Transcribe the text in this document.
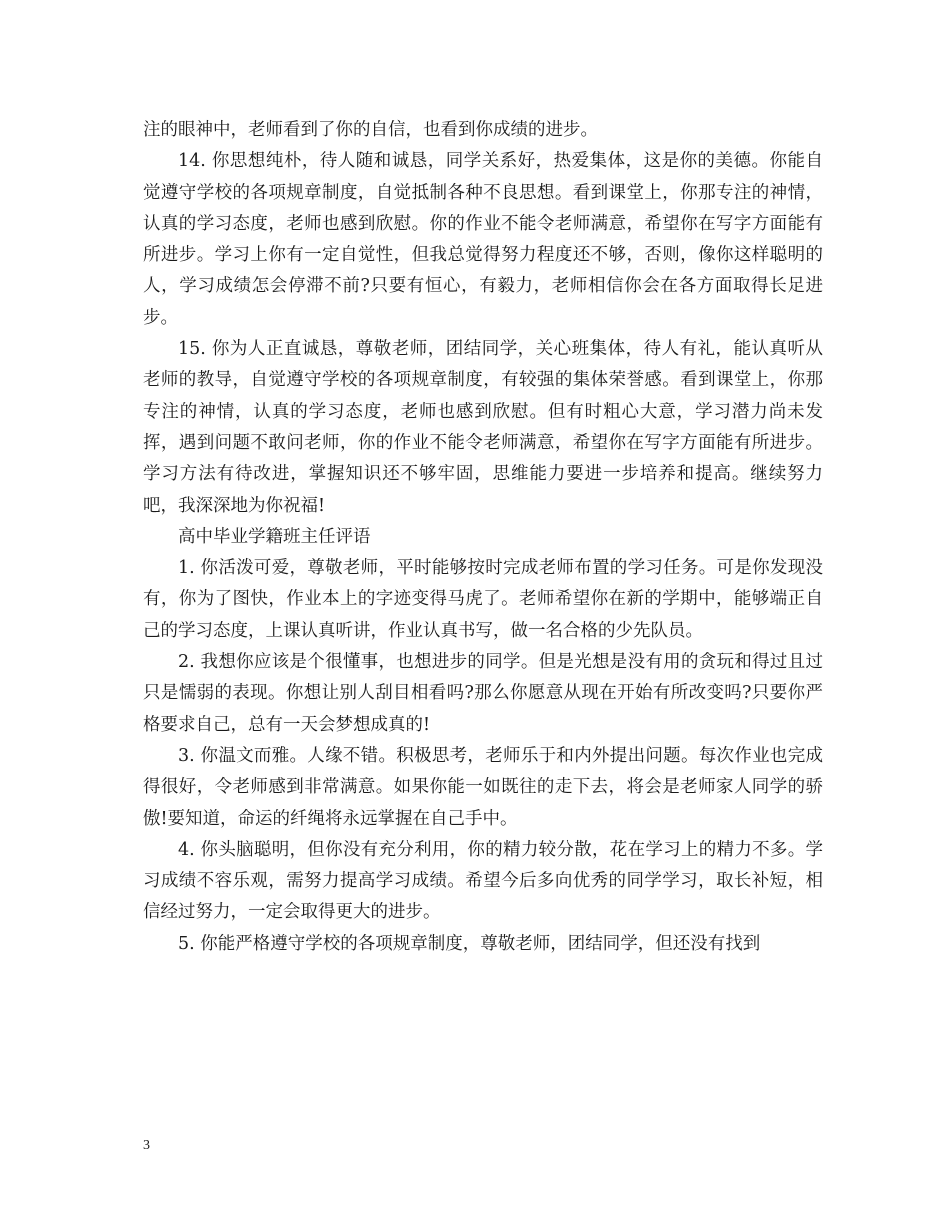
注的眼神中，老师看到了你的自信，也看到你成绩的进步。

14. 你思想纯朴，待人随和诚恳，同学关系好，热爱集体，这是你的美德。你能自觉遵守学校的各项规章制度，自觉抵制各种不良思想。看到课堂上，你那专注的神情，认真的学习态度，老师也感到欣慰。你的作业不能令老师满意，希望你在写字方面能有所进步。学习上你有一定自觉性，但我总觉得努力程度还不够，否则，像你这样聪明的人，学习成绩怎会停滞不前?只要有恒心，有毅力，老师相信你会在各方面取得长足进步。

15. 你为人正直诚恳，尊敬老师，团结同学，关心班集体，待人有礼，能认真听从老师的教导，自觉遵守学校的各项规章制度，有较强的集体荣誉感。看到课堂上，你那专注的神情，认真的学习态度，老师也感到欣慰。但有时粗心大意，学习潜力尚未发挥，遇到问题不敢问老师，你的作业不能令老师满意，希望你在写字方面能有所进步。学习方法有待改进，掌握知识还不够牢固，思维能力要进一步培养和提高。继续努力吧，我深深地为你祝福!

高中毕业学籍班主任评语

1. 你活泼可爱，尊敬老师，平时能够按时完成老师布置的学习任务。可是你发现没有，你为了图快，作业本上的字迹变得马虎了。老师希望你在新的学期中，能够端正自己的学习态度，上课认真听讲，作业认真书写，做一名合格的少先队员。

2. 我想你应该是个很懂事，也想进步的同学。但是光想是没有用的贪玩和得过且过只是懦弱的表现。你想让别人刮目相看吗?那么你愿意从现在开始有所改变吗?只要你严格要求自己，总有一天会梦想成真的!

3. 你温文而雅。人缘不错。积极思考，老师乐于和内外提出问题。每次作业也完成得很好，令老师感到非常满意。如果你能一如既往的走下去，将会是老师家人同学的骄傲!要知道，命运的纤绳将永远掌握在自己手中。

4. 你头脑聪明，但你没有充分利用，你的精力较分散，花在学习上的精力不多。学习成绩不容乐观，需努力提高学习成绩。希望今后多向优秀的同学学习，取长补短，相信经过努力，一定会取得更大的进步。

5. 你能严格遵守学校的各项规章制度，尊敬老师，团结同学，但还没有找到

3
